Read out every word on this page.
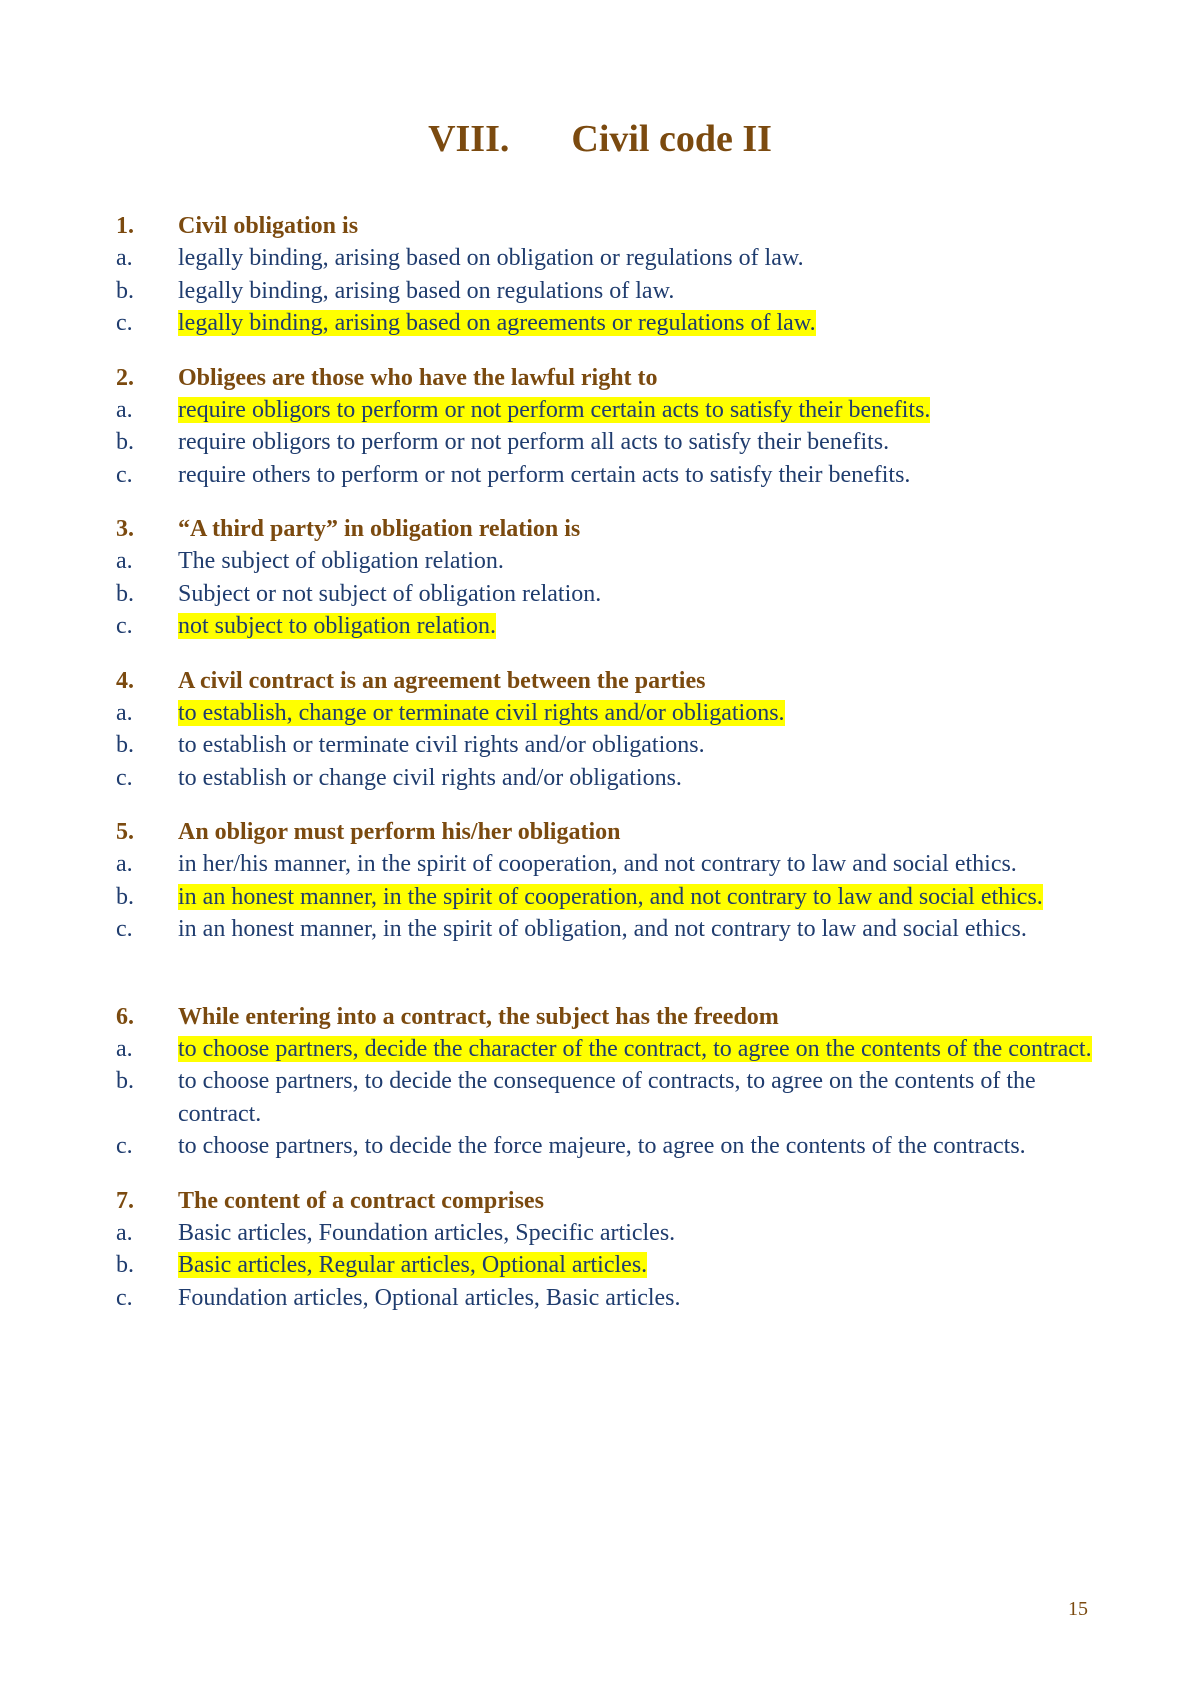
VIII. Civil code II
1.	Civil obligation is
a.	legally binding, arising based on obligation or regulations of law.
b.	legally binding, arising based on regulations of law.
c.	legally binding, arising based on agreements or regulations of law.
2.	Obligees are those who have the lawful right to
a.	require obligors to perform or not perform certain acts to satisfy their benefits.
b.	require obligors to perform or not perform all acts to satisfy their benefits.
c.	require others to perform or not perform certain acts to satisfy their benefits.
3.	“A third party” in obligation relation is
a.	The subject of obligation relation.
b.	Subject or not subject of obligation relation.
c.	not subject to obligation relation.
4.	A civil contract is an agreement between the parties
a.	to establish, change or terminate civil rights and/or obligations.
b.	to establish or terminate civil rights and/or obligations.
c.	to establish or change civil rights and/or obligations.
5.	An obligor must perform his/her obligation
a.	in her/his manner, in the spirit of cooperation, and not contrary to law and social ethics.
b.	in an honest manner, in the spirit of cooperation, and not contrary to law and social ethics.
c.	in an honest manner, in the spirit of obligation, and not contrary to law and social ethics.
6.	While entering into a contract, the subject has the freedom
a.	to choose partners, decide the character of the contract, to agree on the contents of the contract.
b.	to choose partners, to decide the consequence of contracts, to agree on the contents of the contract.
c.	to choose partners, to decide the force majeure, to agree on the contents of the contracts.
7.	The content of a contract comprises
a.	Basic articles, Foundation articles, Specific articles.
b.	Basic articles, Regular articles, Optional articles.
c.	Foundation articles, Optional articles, Basic articles.
15
